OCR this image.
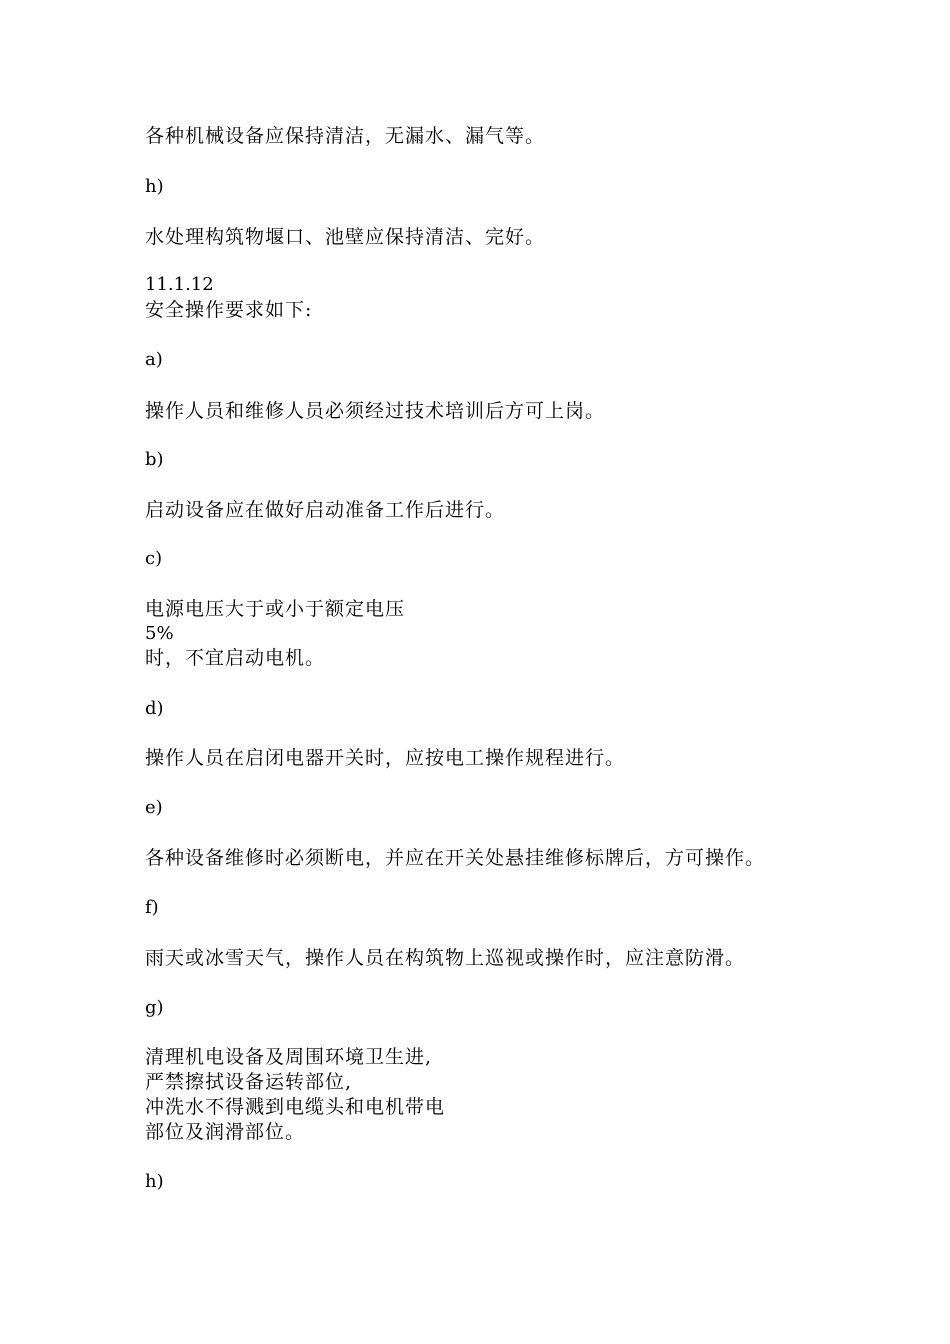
各种机械设备应保持清洁，无漏水、漏气等。
h)
水处理构筑物堰口、池壁应保持清洁、完好。
11.1.12
安全操作要求如下:
a)
操作人员和维修人员必须经过技术培训后方可上岗。
b)
启动设备应在做好启动准备工作后进行。
c)
电源电压大于或小于额定电压
5%
时，不宜启动电机。
d)
操作人员在启闭电器开关时，应按电工操作规程进行。
e)
各种设备维修时必须断电，并应在开关处悬挂维修标牌后，方可操作。
f)
雨天或冰雪天气，操作人员在构筑物上巡视或操作时，应注意防滑。
g)
清理机电设备及周围环境卫生进,
严禁擦拭设备运转部位,
冲洗水不得溅到电缆头和电机带电
部位及润滑部位。
h)
